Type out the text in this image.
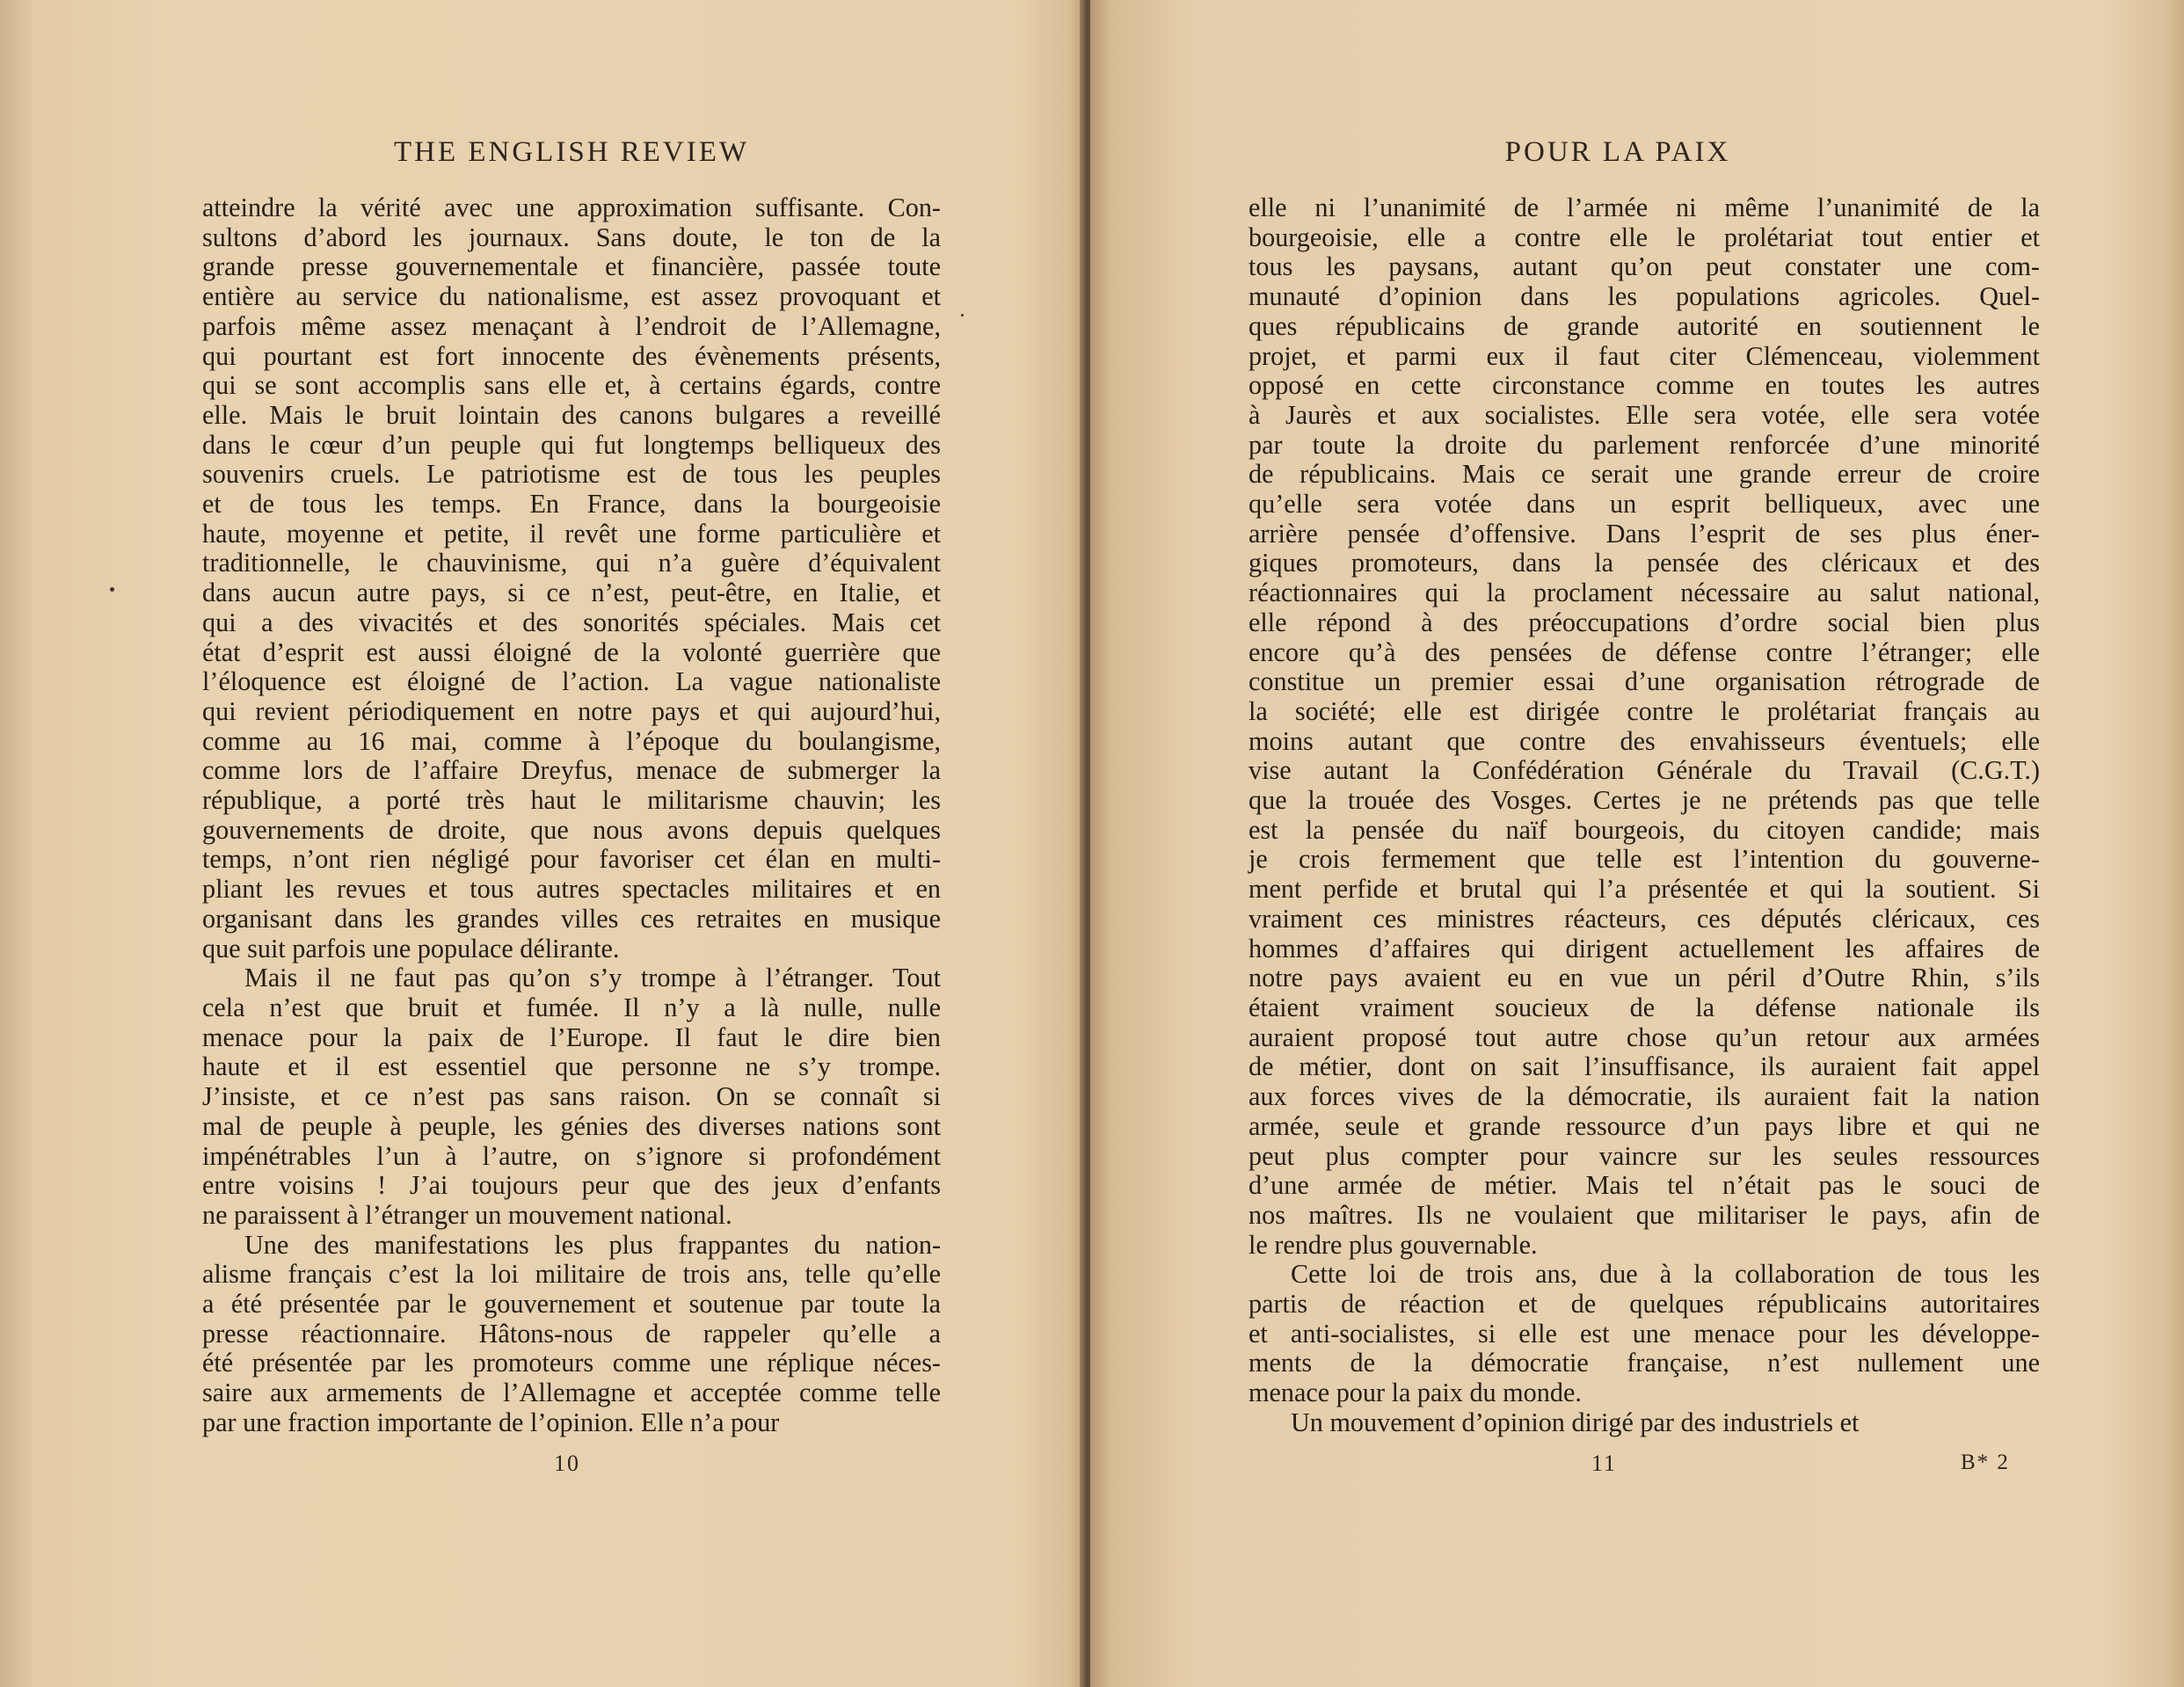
THE ENGLISH REVIEW
atteindre la vérité avec une approximation suffisante. Con-
sultons d’abord les journaux. Sans doute, le ton de la
grande presse gouvernementale et financière, passée toute
entière au service du nationalisme, est assez provoquant et
parfois même assez menaçant à l’endroit de l’Allemagne,
qui pourtant est fort innocente des évènements présents,
qui se sont accomplis sans elle et, à certains égards, contre
elle. Mais le bruit lointain des canons bulgares a reveillé
dans le cœur d’un peuple qui fut longtemps belliqueux des
souvenirs cruels. Le patriotisme est de tous les peuples
et de tous les temps. En France, dans la bourgeoisie
haute, moyenne et petite, il revêt une forme particulière et
traditionnelle, le chauvinisme, qui n’a guère d’équivalent
dans aucun autre pays, si ce n’est, peut-être, en Italie, et
qui a des vivacités et des sonorités spéciales. Mais cet
état d’esprit est aussi éloigné de la volonté guerrière que
l’éloquence est éloigné de l’action. La vague nationaliste
qui revient périodiquement en notre pays et qui aujourd’hui,
comme au 16 mai, comme à l’époque du boulangisme,
comme lors de l’affaire Dreyfus, menace de submerger la
république, a porté très haut le militarisme chauvin; les
gouvernements de droite, que nous avons depuis quelques
temps, n’ont rien négligé pour favoriser cet élan en multi-
pliant les revues et tous autres spectacles militaires et en
organisant dans les grandes villes ces retraites en musique
que suit parfois une populace délirante.
Mais il ne faut pas qu’on s’y trompe à l’étranger. Tout
cela n’est que bruit et fumée. Il n’y a là nulle, nulle
menace pour la paix de l’Europe. Il faut le dire bien
haute et il est essentiel que personne ne s’y trompe.
J’insiste, et ce n’est pas sans raison. On se connaît si
mal de peuple à peuple, les génies des diverses nations sont
impénétrables l’un à l’autre, on s’ignore si profondément
entre voisins ! J’ai toujours peur que des jeux d’enfants
ne paraissent à l’étranger un mouvement national.
Une des manifestations les plus frappantes du nation-
alisme français c’est la loi militaire de trois ans, telle qu’elle
a été présentée par le gouvernement et soutenue par toute la
presse réactionnaire. Hâtons-nous de rappeler qu’elle a
été présentée par les promoteurs comme une réplique néces-
saire aux armements de l’Allemagne et acceptée comme telle
par une fraction importante de l’opinion. Elle n’a pour
10
POUR LA PAIX
elle ni l’unanimité de l’armée ni même l’unanimité de la
bourgeoisie, elle a contre elle le prolétariat tout entier et
tous les paysans, autant qu’on peut constater une com-
munauté d’opinion dans les populations agricoles. Quel-
ques républicains de grande autorité en soutiennent le
projet, et parmi eux il faut citer Clémenceau, violemment
opposé en cette circonstance comme en toutes les autres
à Jaurès et aux socialistes. Elle sera votée, elle sera votée
par toute la droite du parlement renforcée d’une minorité
de républicains. Mais ce serait une grande erreur de croire
qu’elle sera votée dans un esprit belliqueux, avec une
arrière pensée d’offensive. Dans l’esprit de ses plus éner-
giques promoteurs, dans la pensée des cléricaux et des
réactionnaires qui la proclament nécessaire au salut national,
elle répond à des préoccupations d’ordre social bien plus
encore qu’à des pensées de défense contre l’étranger; elle
constitue un premier essai d’une organisation rétrograde de
la société; elle est dirigée contre le prolétariat français au
moins autant que contre des envahisseurs éventuels; elle
vise autant la Confédération Générale du Travail (C.G.T.)
que la trouée des Vosges. Certes je ne prétends pas que telle
est la pensée du naïf bourgeois, du citoyen candide; mais
je crois fermement que telle est l’intention du gouverne-
ment perfide et brutal qui l’a présentée et qui la soutient. Si
vraiment ces ministres réacteurs, ces députés cléricaux, ces
hommes d’affaires qui dirigent actuellement les affaires de
notre pays avaient eu en vue un péril d’Outre Rhin, s’ils
étaient vraiment soucieux de la défense nationale ils
auraient proposé tout autre chose qu’un retour aux armées
de métier, dont on sait l’insuffisance, ils auraient fait appel
aux forces vives de la démocratie, ils auraient fait la nation
armée, seule et grande ressource d’un pays libre et qui ne
peut plus compter pour vaincre sur les seules ressources
d’une armée de métier. Mais tel n’était pas le souci de
nos maîtres. Ils ne voulaient que militariser le pays, afin de
le rendre plus gouvernable.
Cette loi de trois ans, due à la collaboration de tous les
partis de réaction et de quelques républicains autoritaires
et anti-socialistes, si elle est une menace pour les développe-
ments de la démocratie française, n’est nullement une
menace pour la paix du monde.
Un mouvement d’opinion dirigé par des industriels et
11	B* 2
